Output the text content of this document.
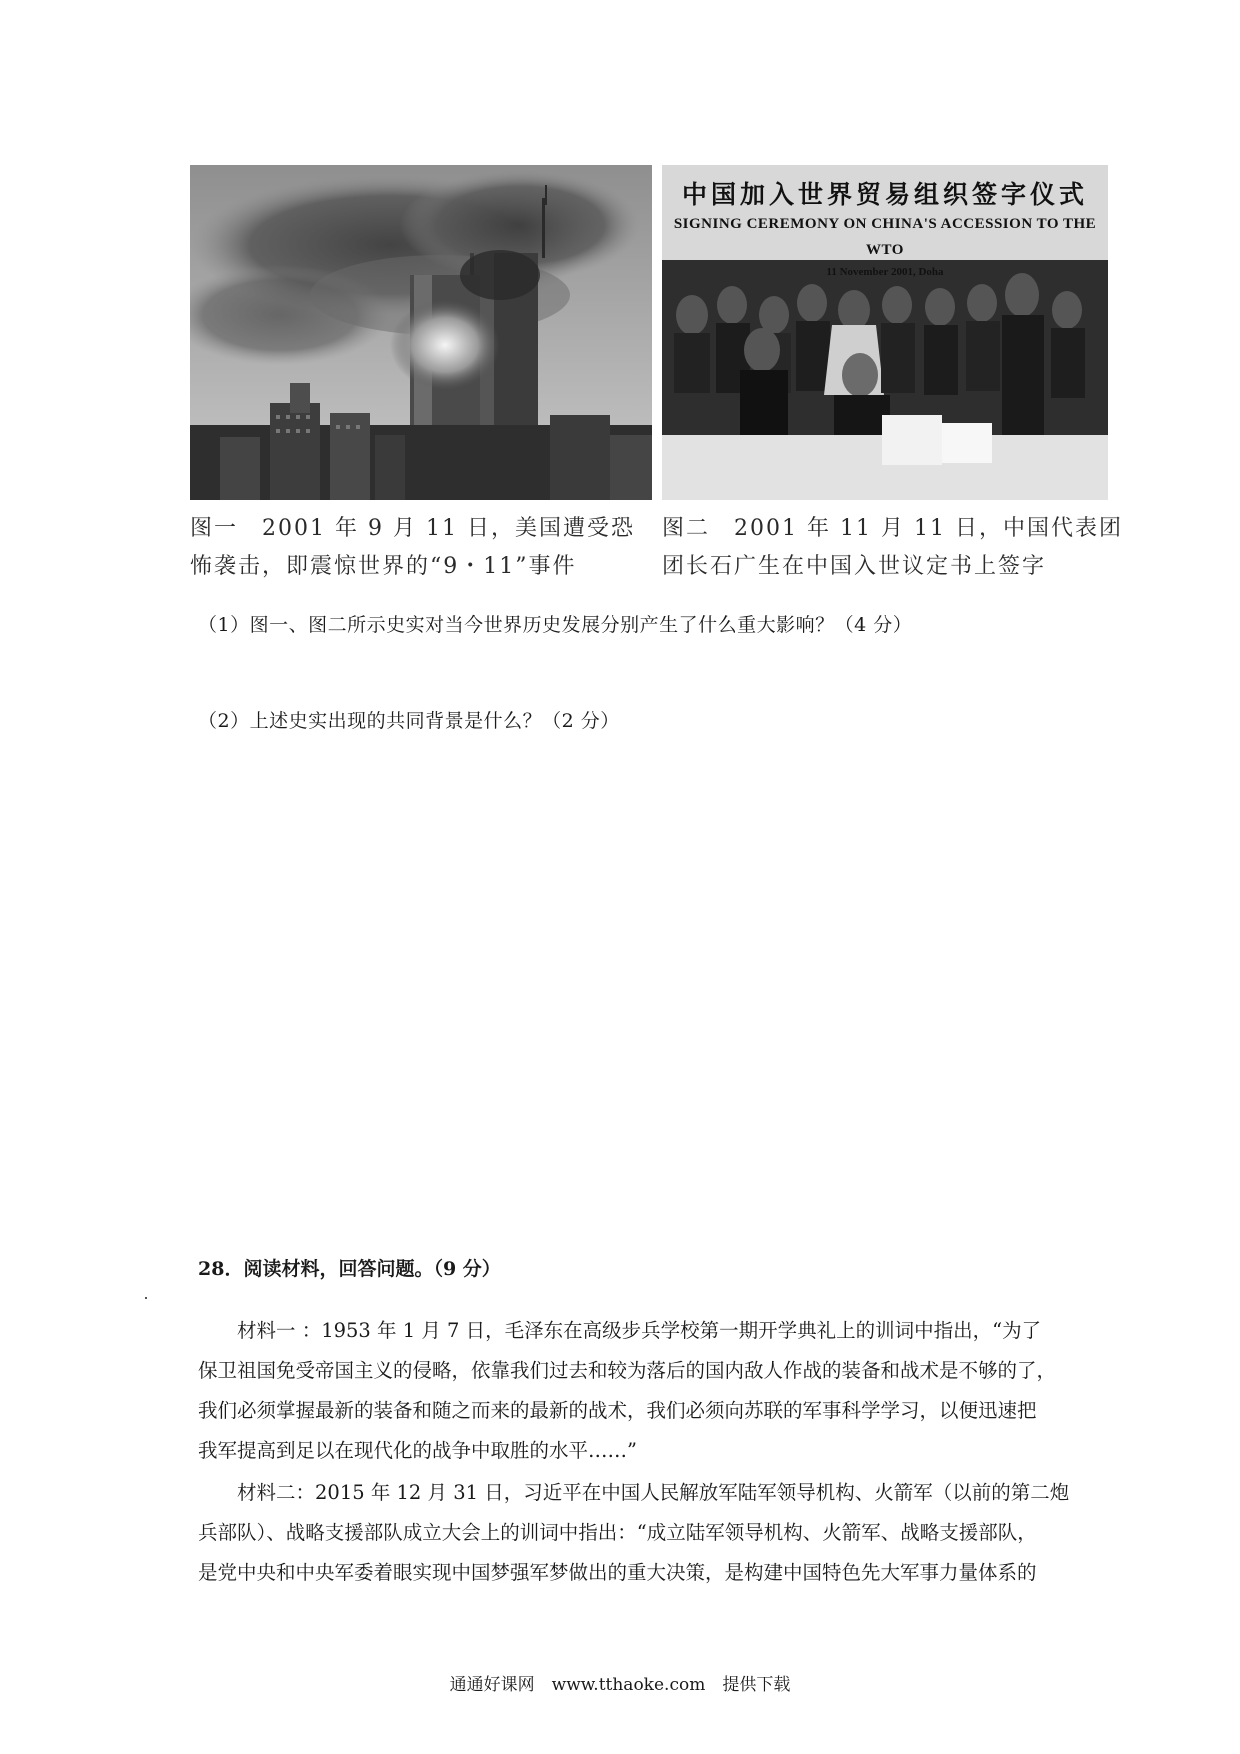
图一　2001 年 9 月 11 日，美国遭受恐
怖袭击，即震惊世界的“9・11”事件
中国加入世界贸易组织签字仪式
SIGNING CEREMONY ON CHINA'S ACCESSION TO THE WTO
11 November 2001, Doha
图二　2001 年 11 月 11 日，中国代表团
团长石广生在中国入世议定书上签字
（1）图一、图二所示史实对当今世界历史发展分别产生了什么重大影响？（4 分）
（2）上述史实出现的共同背景是什么？（2 分）
28．阅读材料，回答问题。（9 分）

　　材料一 ：1953 年 1 月 7 日，毛泽东在高级步兵学校第一期开学典礼上的训词中指出，“为了

保卫祖国免受帝国主义的侵略，依靠我们过去和较为落后的国内敌人作战的装备和战术是不够的了，

我们必须掌握最新的装备和随之而来的最新的战术，我们必须向苏联的军事科学学习，以便迅速把

我军提高到足以在现代化的战争中取胜的水平……”

　　材料二：2015 年 12 月 31 日，习近平在中国人民解放军陆军领导机构、火箭军（以前的第二炮

兵部队）、战略支援部队成立大会上的训词中指出：“成立陆军领导机构、火箭军、战略支援部队，

是党中央和中央军委着眼实现中国梦强军梦做出的重大决策，是构建中国特色先大军事力量体系的

通通好课网　www.tthaoke.com　提供下载
